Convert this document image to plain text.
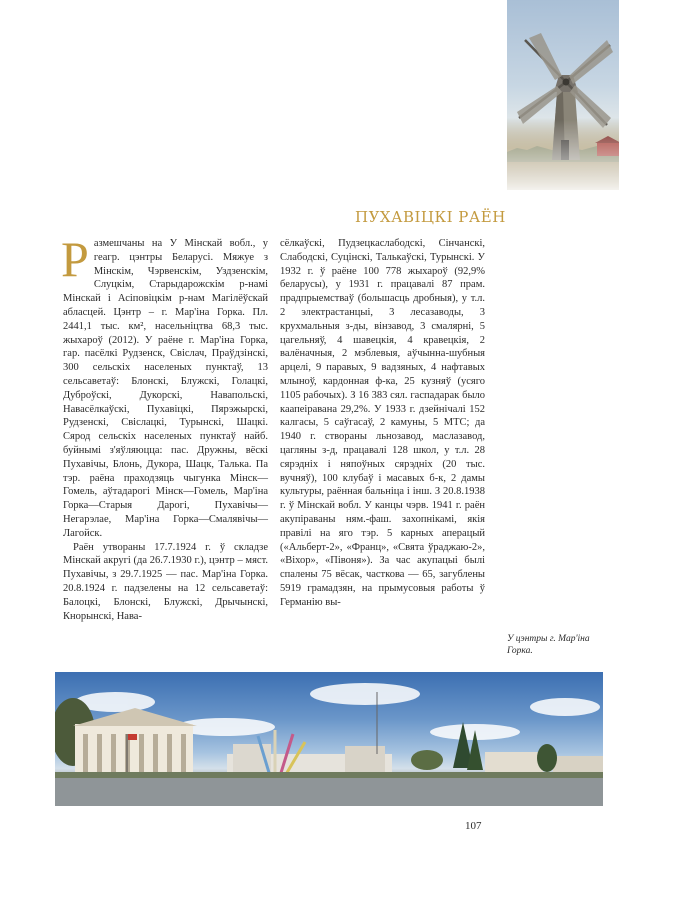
ПУХАВІЦКІ РАЁН

Размешчаны на У Мінскай вобл., у геагр. цэнтры Беларусі. Мяжуе з Мінскім, Чэрвенскім, Уздзенскім, Слуцкім, Старыдарожскім р-намі Мінскай і Асіповіцкім р-нам Магілёўскай абласцей. Цэнтр – г. Мар'іна Горка. Пл. 2441,1 тыс. км², насельніцтва 68,3 тыс. жыхароў (2012). У раёне г. Мар'іна Горка, гар. пасёлкі Рудзенск, Свіслач, Праўдзінскі, 300 сельскіх населеных пунктаў, 13 сельсаветаў: Блонскі, Блужскі, Голацкі, Дуброўскі, Дукорскі, Навапольскі, Навасёлкаўскі, Пухавіцкі, Пярэжырскі, Рудзенскі, Свіслацкі, Турынскі, Шацкі. Сярод сельскіх населеных пунктаў найб. буйнымі з'яўляюцца: пас. Дружны, вёскі Пухавічы, Блонь, Дукора, Шацк, Талька. Па тэр. раёна праходзяць чыгунка Мінск—Гомель, аўтадарогі Мінск—Гомель, Мар'іна Горка—Старыя Дарогі, Пухавічы—Негарэлае, Мар'іна Горка—Смалявічы—Лагойск.

Раён утвораны 17.7.1924 г. ў складзе Мінскай акругі (да 26.7.1930 г.), цэнтр – мяст. Пухавічы, з 29.7.1925 — пас. Мар'іна Горка. 20.8.1924 г. падзелены на 12 сельсаветаў: Балоцкі, Блонскі, Блужскі, Дрычынскі, Кнорынскі, Нава-

сёлкаўскі, Пудзецкаслабодскі, Сінчанскі, Слабодскі, Суцінскі, Талькаўскі, Турынскі. У 1932 г. ў раёне 100 778 жыхароў (92,9% беларусы), у 1931 г. працавалі 87 прам. прадпрыемстваў (большасць дробныя), у т.л. 2 электрастанцыі, 3 лесазаводы, 3 крухмальныя з-ды, вінзавод, 3 смалярні, 5 цагельняў, 4 шавецкія, 4 кравецкія, 2 валёначныя, 2 мэблевыя, аўчынна-шубныя арцелі, 9 паравых, 9 вадзяных, 4 нафтавых млыноў, кардонная ф-ка, 25 кузняў (усяго 1105 рабочых). З 16 383 сял. гаспадарак было каапеіравана 29,2%. У 1933 г. дзейнічалі 152 калгасы, 5 саўгасаў, 2 камуны, 5 МТС; да 1940 г. створаны льнозавод, маслазавод, цагляны з-д, працавалі 128 школ, у т.л. 28 сярэдніх і няпоўных сярэдніх (20 тыс. вучняў), 100 клубаў і масавых б-к, 2 дамы культуры, раённая бальніца і інш. З 20.8.1938 г. ў Мінскай вобл. У канцы чэрв. 1941 г. раён акупіраваны ням.-фаш. захопнікамі, якія правілі на яго тэр. 5 карных аперацый («Альберт-2», «Франц», «Свята ўраджаю-2», «Віхор», «Півоня»). За час акупацыі былі спалены 75 вёсак, часткова — 65, загублены 5919 грамадзян, на прымусовыя работы ў Германію вы-

У цэнтры г. Мар'іна Горка.
107
